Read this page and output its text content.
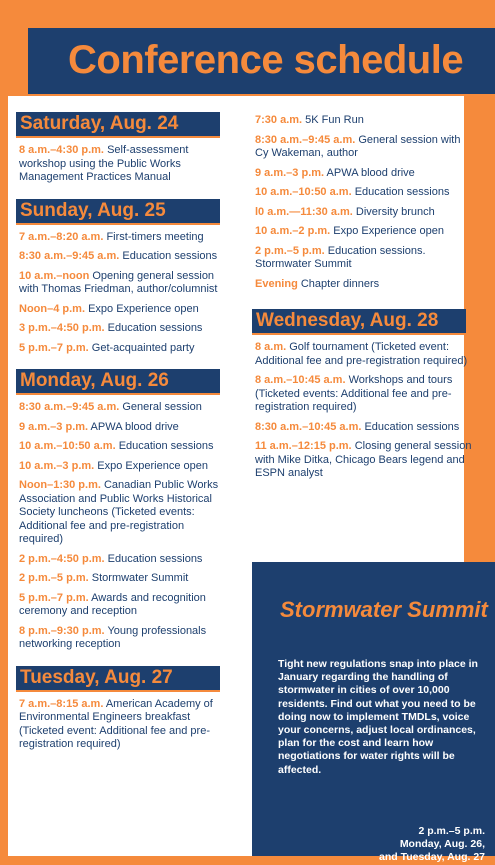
Conference schedule
Saturday, Aug. 24
8 a.m.–4:30 p.m. Self-assessment workshop using the Public Works Management Practices Manual
Sunday, Aug. 25
7 a.m.–8:20 a.m. First-timers meeting
8:30 a.m.–9:45 a.m. Education sessions
10 a.m.–noon Opening general session with Thomas Friedman, author/columnist
Noon–4 p.m. Expo Experience open
3 p.m.–4:50 p.m. Education sessions
5 p.m.–7 p.m. Get-acquainted party
Monday, Aug. 26
8:30 a.m.–9:45 a.m. General session
9 a.m.–3 p.m. APWA blood drive
10 a.m.–10:50 a.m. Education sessions
10 a.m.–3 p.m. Expo Experience open
Noon–1:30 p.m. Canadian Public Works Association and Public Works Historical Society luncheons (Ticketed events: Additional fee and pre-registration required)
2 p.m.–4:50 p.m. Education sessions
2 p.m.–5 p.m. Stormwater Summit
5 p.m.–7 p.m. Awards and recognition ceremony and reception
8 p.m.–9:30 p.m. Young professionals networking reception
Tuesday, Aug. 27
7 a.m.–8:15 a.m. American Academy of Environmental Engineers breakfast (Ticketed event: Additional fee and pre-registration required)
7:30 a.m. 5K Fun Run
8:30 a.m.–9:45 a.m. General session with Cy Wakeman, author
9 a.m.–3 p.m. APWA blood drive
10 a.m.–10:50 a.m. Education sessions
l0 a.m.—11:30 a.m. Diversity brunch
10 a.m.–2 p.m. Expo Experience open
2 p.m.–5 p.m. Education sessions. Stormwater Summit
Evening Chapter dinners
Wednesday, Aug. 28
8 a.m. Golf tournament (Ticketed event: Additional fee and pre-registration required)
8 a.m.–10:45 a.m. Workshops and tours (Ticketed events: Additional fee and pre-registration required)
8:30 a.m.–10:45 a.m. Education sessions
11 a.m.–12:15 p.m. Closing general session with Mike Ditka, Chicago Bears legend and ESPN analyst
Stormwater Summit
Tight new regulations snap into place in January regarding the handling of stormwater in cities of over 10,000 residents. Find out what you need to be doing now to implement TMDLs, voice your concerns, adjust local ordinances, plan for the cost and learn how negotiations for water rights will be affected.
2 p.m.–5 p.m.
Monday, Aug. 26,
and Tuesday, Aug. 27
